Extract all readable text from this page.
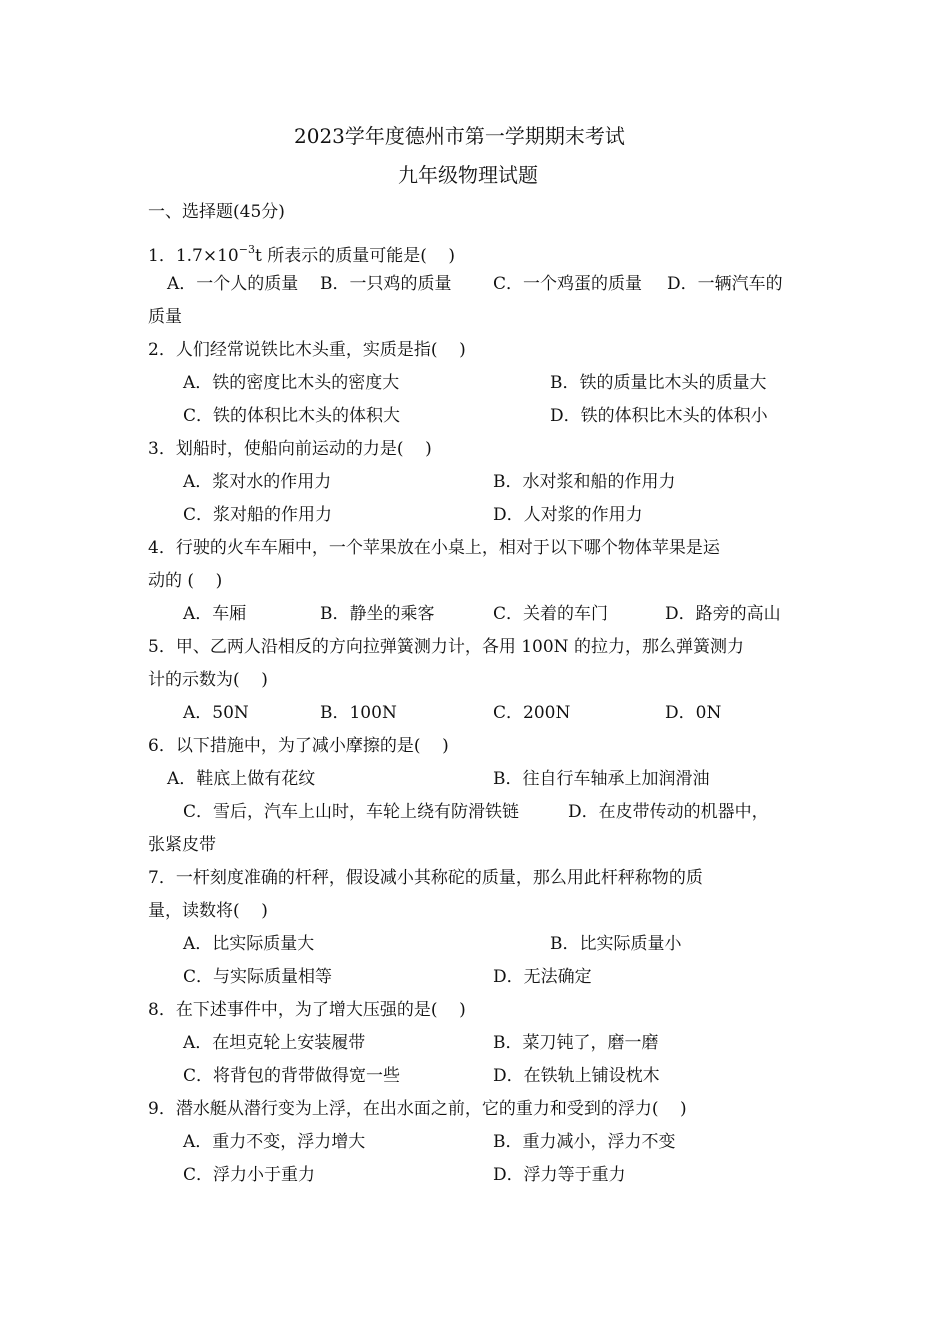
2023学年度德州市第一学期期末考试
九年级物理试题
一、选择题(45分)
1．$1.7\times 10^{-3}t$ 所表示的质量可能是(    )
A．一个人的质量 B．一只鸡的质量 C．一个鸡蛋的质量 D．一辆汽车的
质量
2．人们经常说铁比木头重，实质是指(    )
A．铁的密度比木头的密度大	B．铁的质量比木头的质量大
C．铁的体积比木头的体积大	D．铁的体积比木头的体积小
3．划船时，使船向前运动的力是(    )
A．浆对水的作用力	B．水对浆和船的作用力
C．浆对船的作用力	D．人对浆的作用力
4．行驶的火车车厢中，一个苹果放在小桌上，相对于以下哪个物体苹果是运
动的 (    )
A．车厢	B．静坐的乘客	C．关着的车门	D．路旁的高山
5．甲、乙两人沿相反的方向拉弹簧测力计，各用 100N 的拉力，那么弹簧测力
计的示数为(    )
A．50N	B．100N	C．200N	D．0N
6．以下措施中，为了减小摩擦的是(    )
A．鞋底上做有花纹	B．往自行车轴承上加润滑油
C．雪后，汽车上山时，车轮上绕有防滑铁链	D．在皮带传动的机器中，
张紧皮带
7．一杆刻度准确的杆秤，假设减小其称砣的质量，那么用此杆秤称物的质
量，读数将(    )
A．比实际质量大	B．比实际质量小
C．与实际质量相等	D．无法确定
8．在下述事件中，为了增大压强的是(    )
A．在坦克轮上安装履带	B．菜刀钝了，磨一磨
C．将背包的背带做得宽一些	D．在铁轨上铺设枕木
9．潜水艇从潜行变为上浮，在出水面之前，它的重力和受到的浮力(    )
A．重力不变，浮力增大	B．重力减小，浮力不变
C．浮力小于重力	D．浮力等于重力
